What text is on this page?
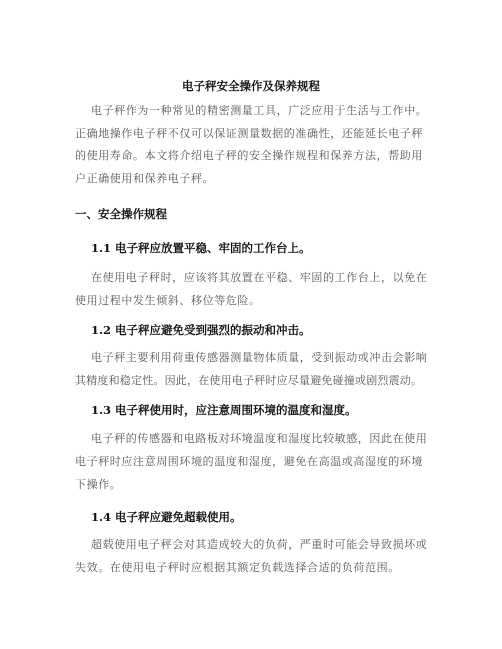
电子秤安全操作及保养规程
电子秤作为一种常见的精密测量工具，广泛应用于生活与工作中。
正确地操作电子秤不仅可以保证测量数据的准确性，还能延长电子秤
的使用寿命。本文将介绍电子秤的安全操作规程和保养方法，帮助用
户正确使用和保养电子秤。
一、安全操作规程
1.1 电子秤应放置平稳、牢固的工作台上。
在使用电子秤时，应该将其放置在平稳、牢固的工作台上，以免在
使用过程中发生倾斜、移位等危险。
1.2 电子秤应避免受到强烈的振动和冲击。
电子秤主要利用荷重传感器测量物体质量，受到振动或冲击会影响
其精度和稳定性。因此，在使用电子秤时应尽量避免碰撞或剧烈震动。
1.3 电子秤使用时，应注意周围环境的温度和湿度。
电子秤的传感器和电路板对环境温度和湿度比较敏感，因此在使用
电子秤时应注意周围环境的温度和湿度，避免在高温或高湿度的环境
下操作。
1.4 电子秤应避免超载使用。
超载使用电子秤会对其造成较大的负荷，严重时可能会导致损坏或
失效。在使用电子秤时应根据其额定负载选择合适的负荷范围。
